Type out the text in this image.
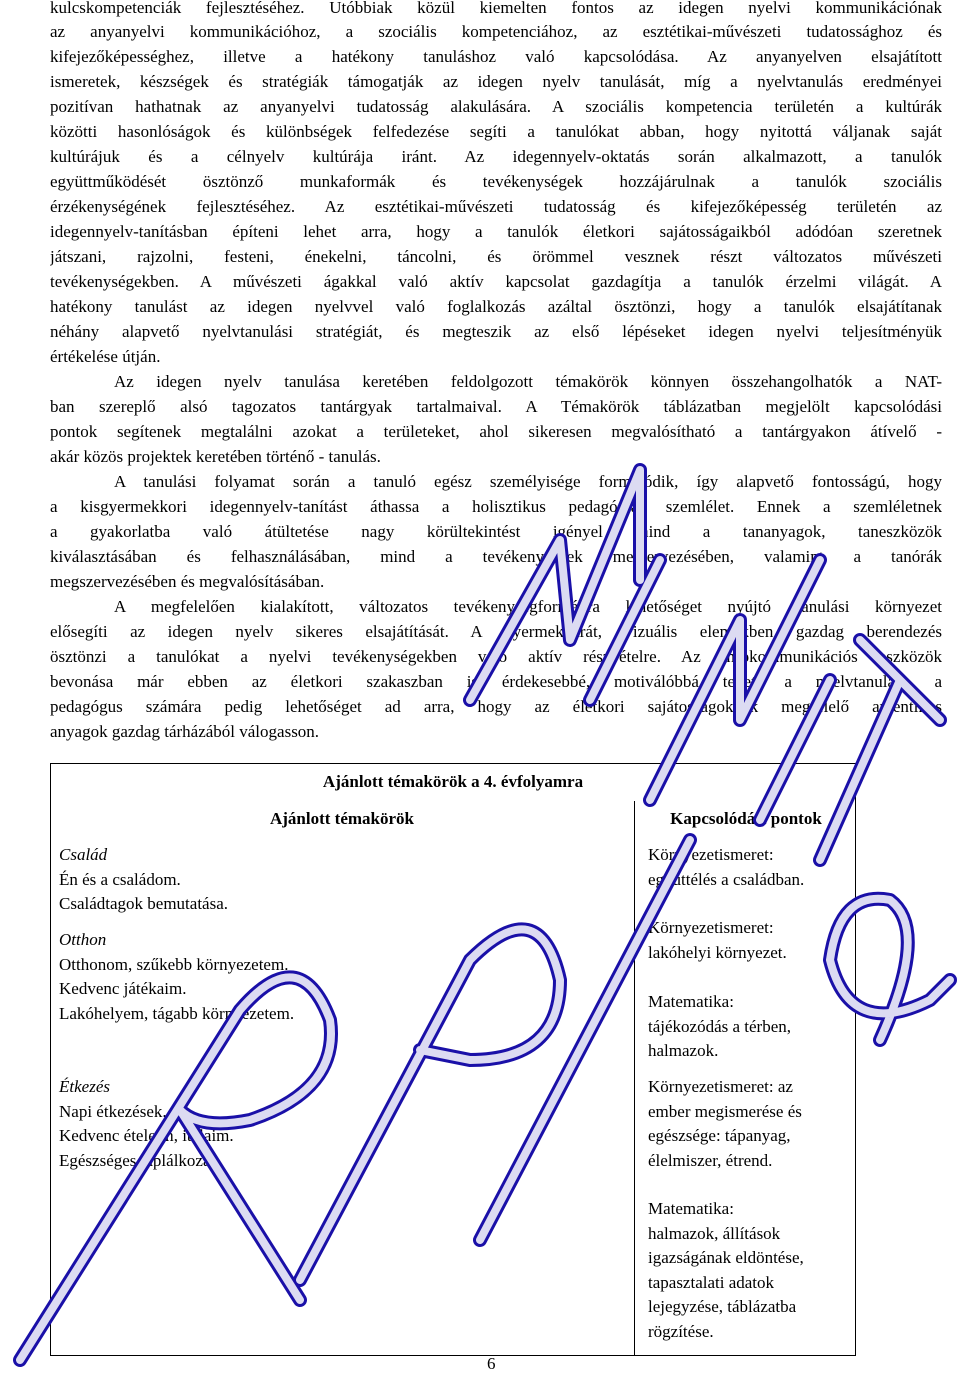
kulcskompetenciák fejlesztéséhez. Utóbbiak közül kiemelten fontos az idegen nyelvi kommunikációnak
az anyanyelvi kommunikációhoz, a szociális kompetenciához, az esztétikai-művészeti tudatossághoz és
kifejezőképességhez, illetve a hatékony tanuláshoz való kapcsolódása. Az anyanyelven elsajátított
ismeretek, készségek és stratégiák támogatják az idegen nyelv tanulását, míg a nyelvtanulás eredményei
pozitívan hathatnak az anyanyelvi tudatosság alakulására. A szociális kompetencia területén a kultúrák
közötti hasonlóságok és különbségek felfedezése segíti a tanulókat abban, hogy nyitottá váljanak saját
kultúrájuk és a célnyelv kultúrája iránt. Az idegennyelv-oktatás során alkalmazott, a tanulók
együttműködését ösztönző munkaformák és tevékenységek hozzájárulnak a tanulók szociális
érzékenységének fejlesztéséhez. Az esztétikai-művészeti tudatosság és kifejezőképesség területén az
idegennyelv-tanításban építeni lehet arra, hogy a tanulók életkori sajátosságaikból adódóan szeretnek
játszani, rajzolni, festeni, énekelni, táncolni, és örömmel vesznek részt változatos művészeti
tevékenységekben. A művészeti ágakkal való aktív kapcsolat gazdagítja a tanulók érzelmi világát. A
hatékony tanulást az idegen nyelvvel való foglalkozás azáltal ösztönzi, hogy a tanulók elsajátítanak
néhány alapvető nyelvtanulási stratégiát, és megteszik az első lépéseket idegen nyelvi teljesítményük
értékelése útján.
Az idegen nyelv tanulása keretében feldolgozott témakörök könnyen összehangolhatók a NAT-
ban szereplő alsó tagozatos tantárgyak tartalmaival. A Témakörök táblázatban megjelölt kapcsolódási
pontok segítenek megtalálni azokat a területeket, ahol sikeresen megvalósítható a tantárgyakon átívelő -
akár közös projektek keretében történő - tanulás.
A tanulási folyamat során a tanuló egész személyisége formálódik, így alapvető fontosságú, hogy
a kisgyermekkori idegennyelv-tanítást áthassa a holisztikus pedagógiai szemlélet. Ennek a szemléletnek
a gyakorlatba való átültetése nagy körültekintést igényel mind a tananyagok, taneszközök
kiválasztásában és felhasználásában, mind a tevékenységek megtervezésében, valamint a tanórák
megszervezésében és megvalósításában.
A megfelelően kialakított, változatos tevékenységformákra lehetőséget nyújtó tanulási környezet
elősegíti az idegen nyelv sikeres elsajátítását. A gyermekbarát, vizuális elemekben gazdag berendezés
ösztönzi a tanulókat a nyelvi tevékenységekben való aktív részvételre. Az infokommunikációs eszközök
bevonása már ebben az életkori szakaszban is érdekesebbé, motiválóbbá teheti a nyelvtanulást, a
pedagógus számára pedig lehetőséget ad arra, hogy az életkori sajátosságoknak megfelelő autentikus
anyagok gazdag tárházából válogasson.
Ajánlott témakörök a 4. évfolyamra
Ajánlott témakörök	Kapcsolódási pontok
Család
Én és a családom.
Családtagok bemutatása.
Otthon
Otthonom, szűkebb környezetem.
Kedvenc játékaim.
Lakóhelyem, tágabb környezetem.
Étkezés
Napi étkezések.
Kedvenc ételeim, italaim.
Egészséges táplálkozás.
Környezetismeret:
együttélés a családban.
Környezetismeret:
lakóhelyi környezet.
Matematika:
tájékozódás a térben,
halmazok.
Környezetismeret: az
ember megismerése és
egészsége: tápanyag,
élelmiszer, étrend.
Matematika:
halmazok, állítások
igazságának eldöntése,
tapasztalati adatok
lejegyzése, táblázatba
rögzítése.
6
